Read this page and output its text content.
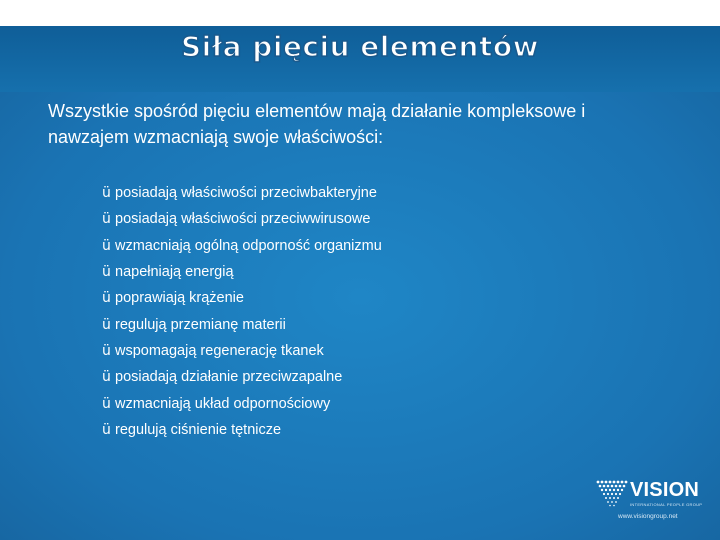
Siła pięciu elementów
Wszystkie spośród pięciu elementów mają działanie kompleksowe i nawzajem wzmacniają swoje właściwości:
ü posiadają właściwości przeciwbakteryjne
ü posiadają właściwości przeciwwirusowe
ü wzmacniają ogólną odporność organizmu
ü napełniają energią
ü poprawiają krążenie
ü regulują przemianę materii
ü wspomagają regenerację tkanek
ü posiadają działanie przeciwzapalne
ü wzmacniają układ odpornościowy
ü regulują ciśnienie tętnicze
VISION
INTERNATIONAL PEOPLE GROUP
www.visiongroup.net
